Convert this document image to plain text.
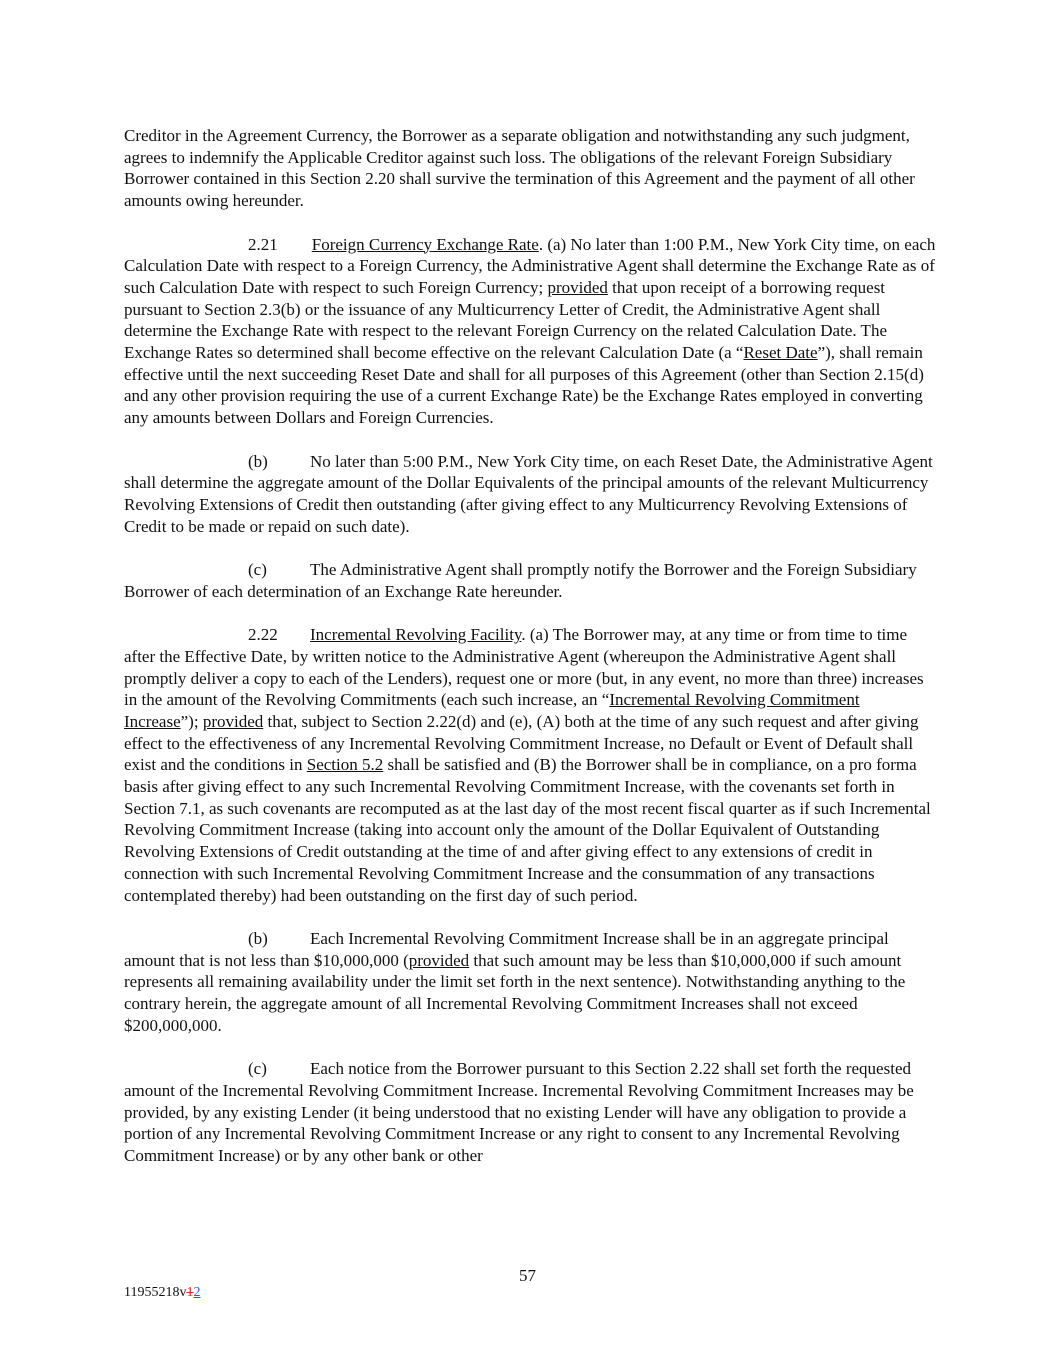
Creditor in the Agreement Currency, the Borrower as a separate obligation and notwithstanding any such judgment, agrees to indemnify the Applicable Creditor against such loss. The obligations of the relevant Foreign Subsidiary Borrower contained in this Section 2.20 shall survive the termination of this Agreement and the payment of all other amounts owing hereunder.

2.21 Foreign Currency Exchange Rate. (a) No later than 1:00 P.M., New York City time, on each Calculation Date with respect to a Foreign Currency, the Administrative Agent shall determine the Exchange Rate as of such Calculation Date with respect to such Foreign Currency; provided that upon receipt of a borrowing request pursuant to Section 2.3(b) or the issuance of any Multicurrency Letter of Credit, the Administrative Agent shall determine the Exchange Rate with respect to the relevant Foreign Currency on the related Calculation Date. The Exchange Rates so determined shall become effective on the relevant Calculation Date (a “Reset Date”), shall remain effective until the next succeeding Reset Date and shall for all purposes of this Agreement (other than Section 2.15(d) and any other provision requiring the use of a current Exchange Rate) be the Exchange Rates employed in converting any amounts between Dollars and Foreign Currencies.

(b) No later than 5:00 P.M., New York City time, on each Reset Date, the Administrative Agent shall determine the aggregate amount of the Dollar Equivalents of the principal amounts of the relevant Multicurrency Revolving Extensions of Credit then outstanding (after giving effect to any Multicurrency Revolving Extensions of Credit to be made or repaid on such date).

(c)	The Administrative Agent shall promptly notify the Borrower and the Foreign Subsidiary Borrower of each determination of an Exchange Rate hereunder.

2.22 Incremental Revolving Facility. (a) The Borrower may, at any time or from time to time after the Effective Date, by written notice to the Administrative Agent (whereupon the Administrative Agent shall promptly deliver a copy to each of the Lenders), request one or more (but, in any event, no more than three) increases in the amount of the Revolving Commitments (each such increase, an “Incremental Revolving Commitment Increase”); provided that, subject to Section 2.22(d) and (e), (A) both at the time of any such request and after giving effect to the effectiveness of any Incremental Revolving Commitment Increase, no Default or Event of Default shall exist and the conditions in Section 5.2 shall be satisfied and (B) the Borrower shall be in compliance, on a pro forma basis after giving effect to any such Incremental Revolving Commitment Increase, with the covenants set forth in Section 7.1, as such covenants are recomputed as at the last day of the most recent fiscal quarter as if such Incremental Revolving Commitment Increase (taking into account only the amount of the Dollar Equivalent of Outstanding Revolving Extensions of Credit outstanding at the time of and after giving effect to any extensions of credit in connection with such Incremental Revolving Commitment Increase and the consummation of any transactions contemplated thereby) had been outstanding on the first day of such period.

(b) Each Incremental Revolving Commitment Increase shall be in an aggregate principal amount that is not less than $10,000,000 (provided that such amount may be less than $10,000,000 if such amount represents all remaining availability under the limit set forth in the next sentence). Notwithstanding anything to the contrary herein, the aggregate amount of all Incremental Revolving Commitment Increases shall not exceed $200,000,000.

(c)	Each notice from the Borrower pursuant to this Section 2.22 shall set forth the requested amount of the Incremental Revolving Commitment Increase. Incremental Revolving Commitment Increases may be provided, by any existing Lender (it being understood that no existing Lender will have any obligation to provide a portion of any Incremental Revolving Commitment Increase or any right to consent to any Incremental Revolving Commitment Increase) or by any other bank or other

57
11955218v12
